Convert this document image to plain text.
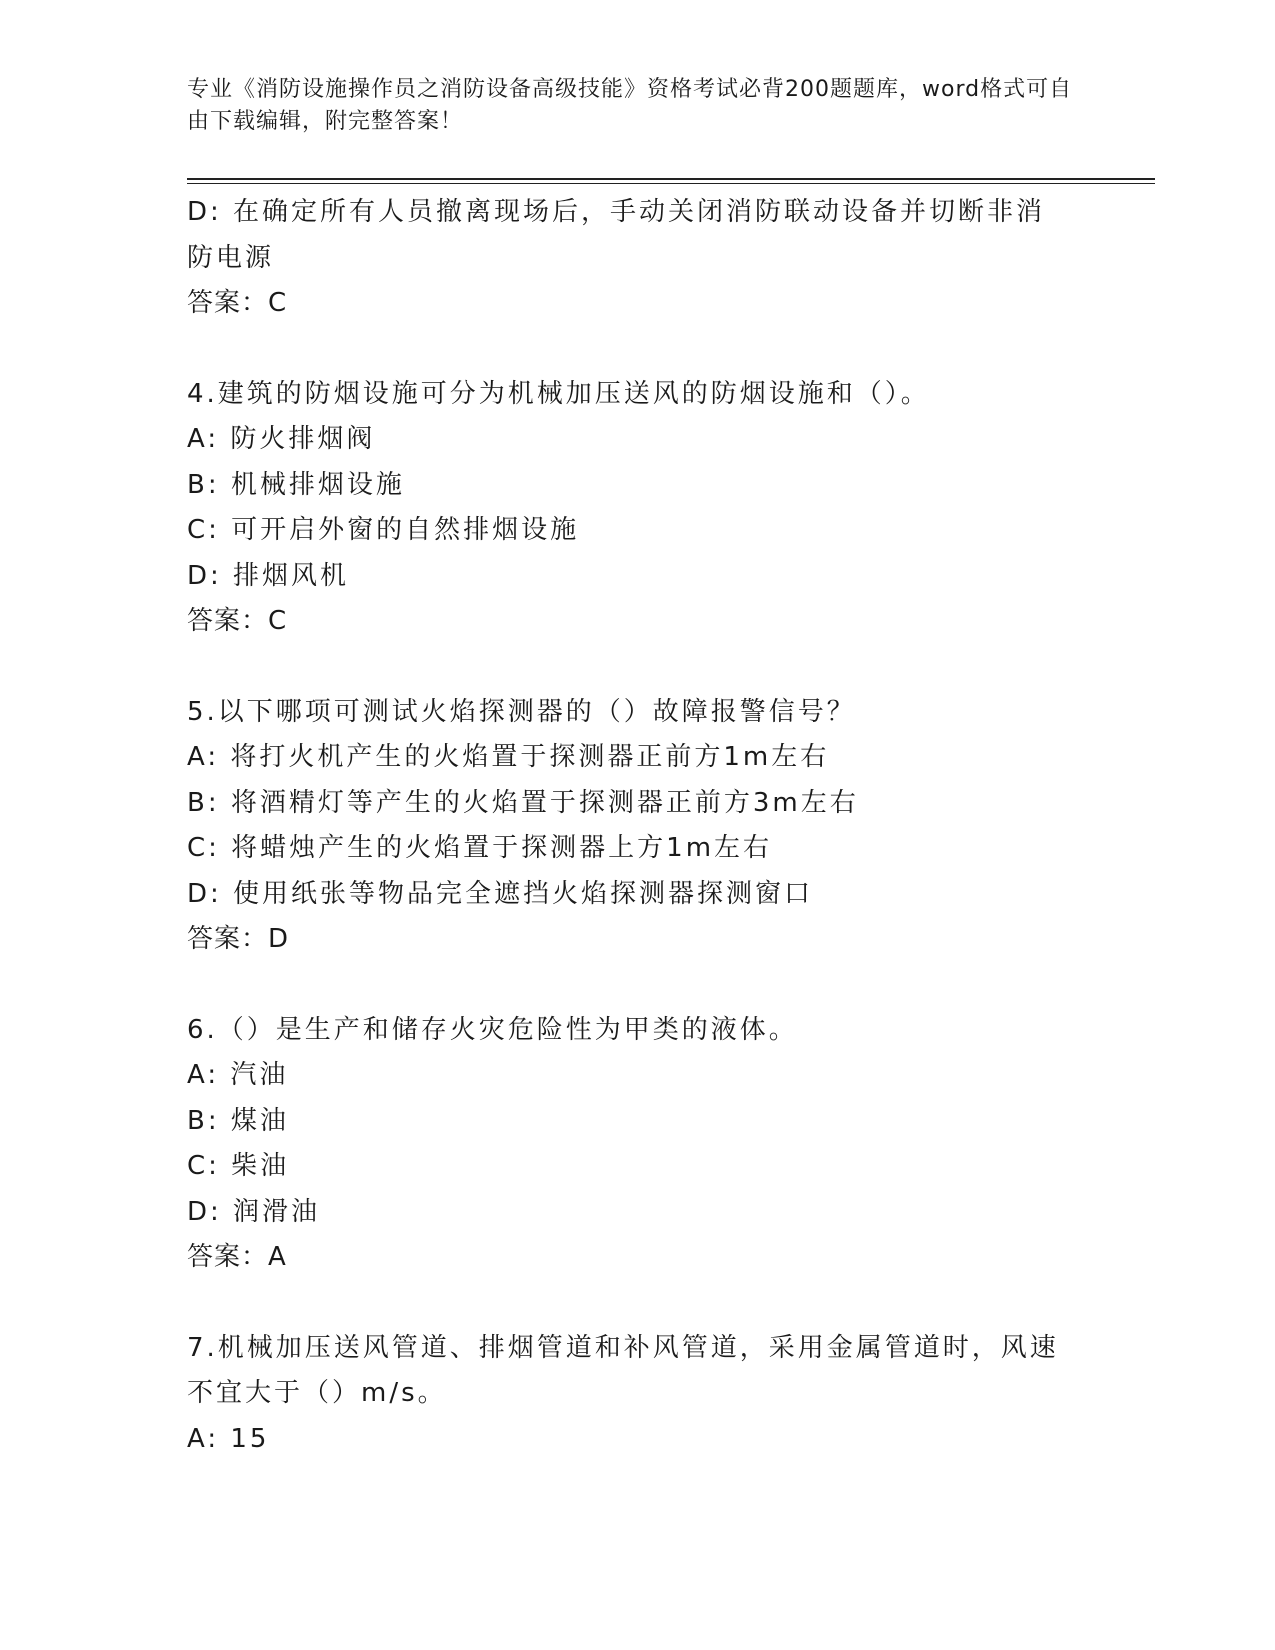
专业《消防设施操作员之消防设备高级技能》资格考试必背200题题库，word格式可自由下载编辑，附完整答案！
D: 在确定所有人员撤离现场后，手动关闭消防联动设备并切断非消防电源
答案：C
4.建筑的防烟设施可分为机械加压送风的防烟设施和（）。
A: 防火排烟阀
B: 机械排烟设施
C: 可开启外窗的自然排烟设施
D: 排烟风机
答案：C
5.以下哪项可测试火焰探测器的（）故障报警信号？
A: 将打火机产生的火焰置于探测器正前方1m左右
B: 将酒精灯等产生的火焰置于探测器正前方3m左右
C: 将蜡烛产生的火焰置于探测器上方1m左右
D: 使用纸张等物品完全遮挡火焰探测器探测窗口
答案：D
6.（）是生产和储存火灾危险性为甲类的液体。
A: 汽油
B: 煤油
C: 柴油
D: 润滑油
答案：A
7.机械加压送风管道、排烟管道和补风管道，采用金属管道时，风速不宜大于（）m/s。
A: 15
